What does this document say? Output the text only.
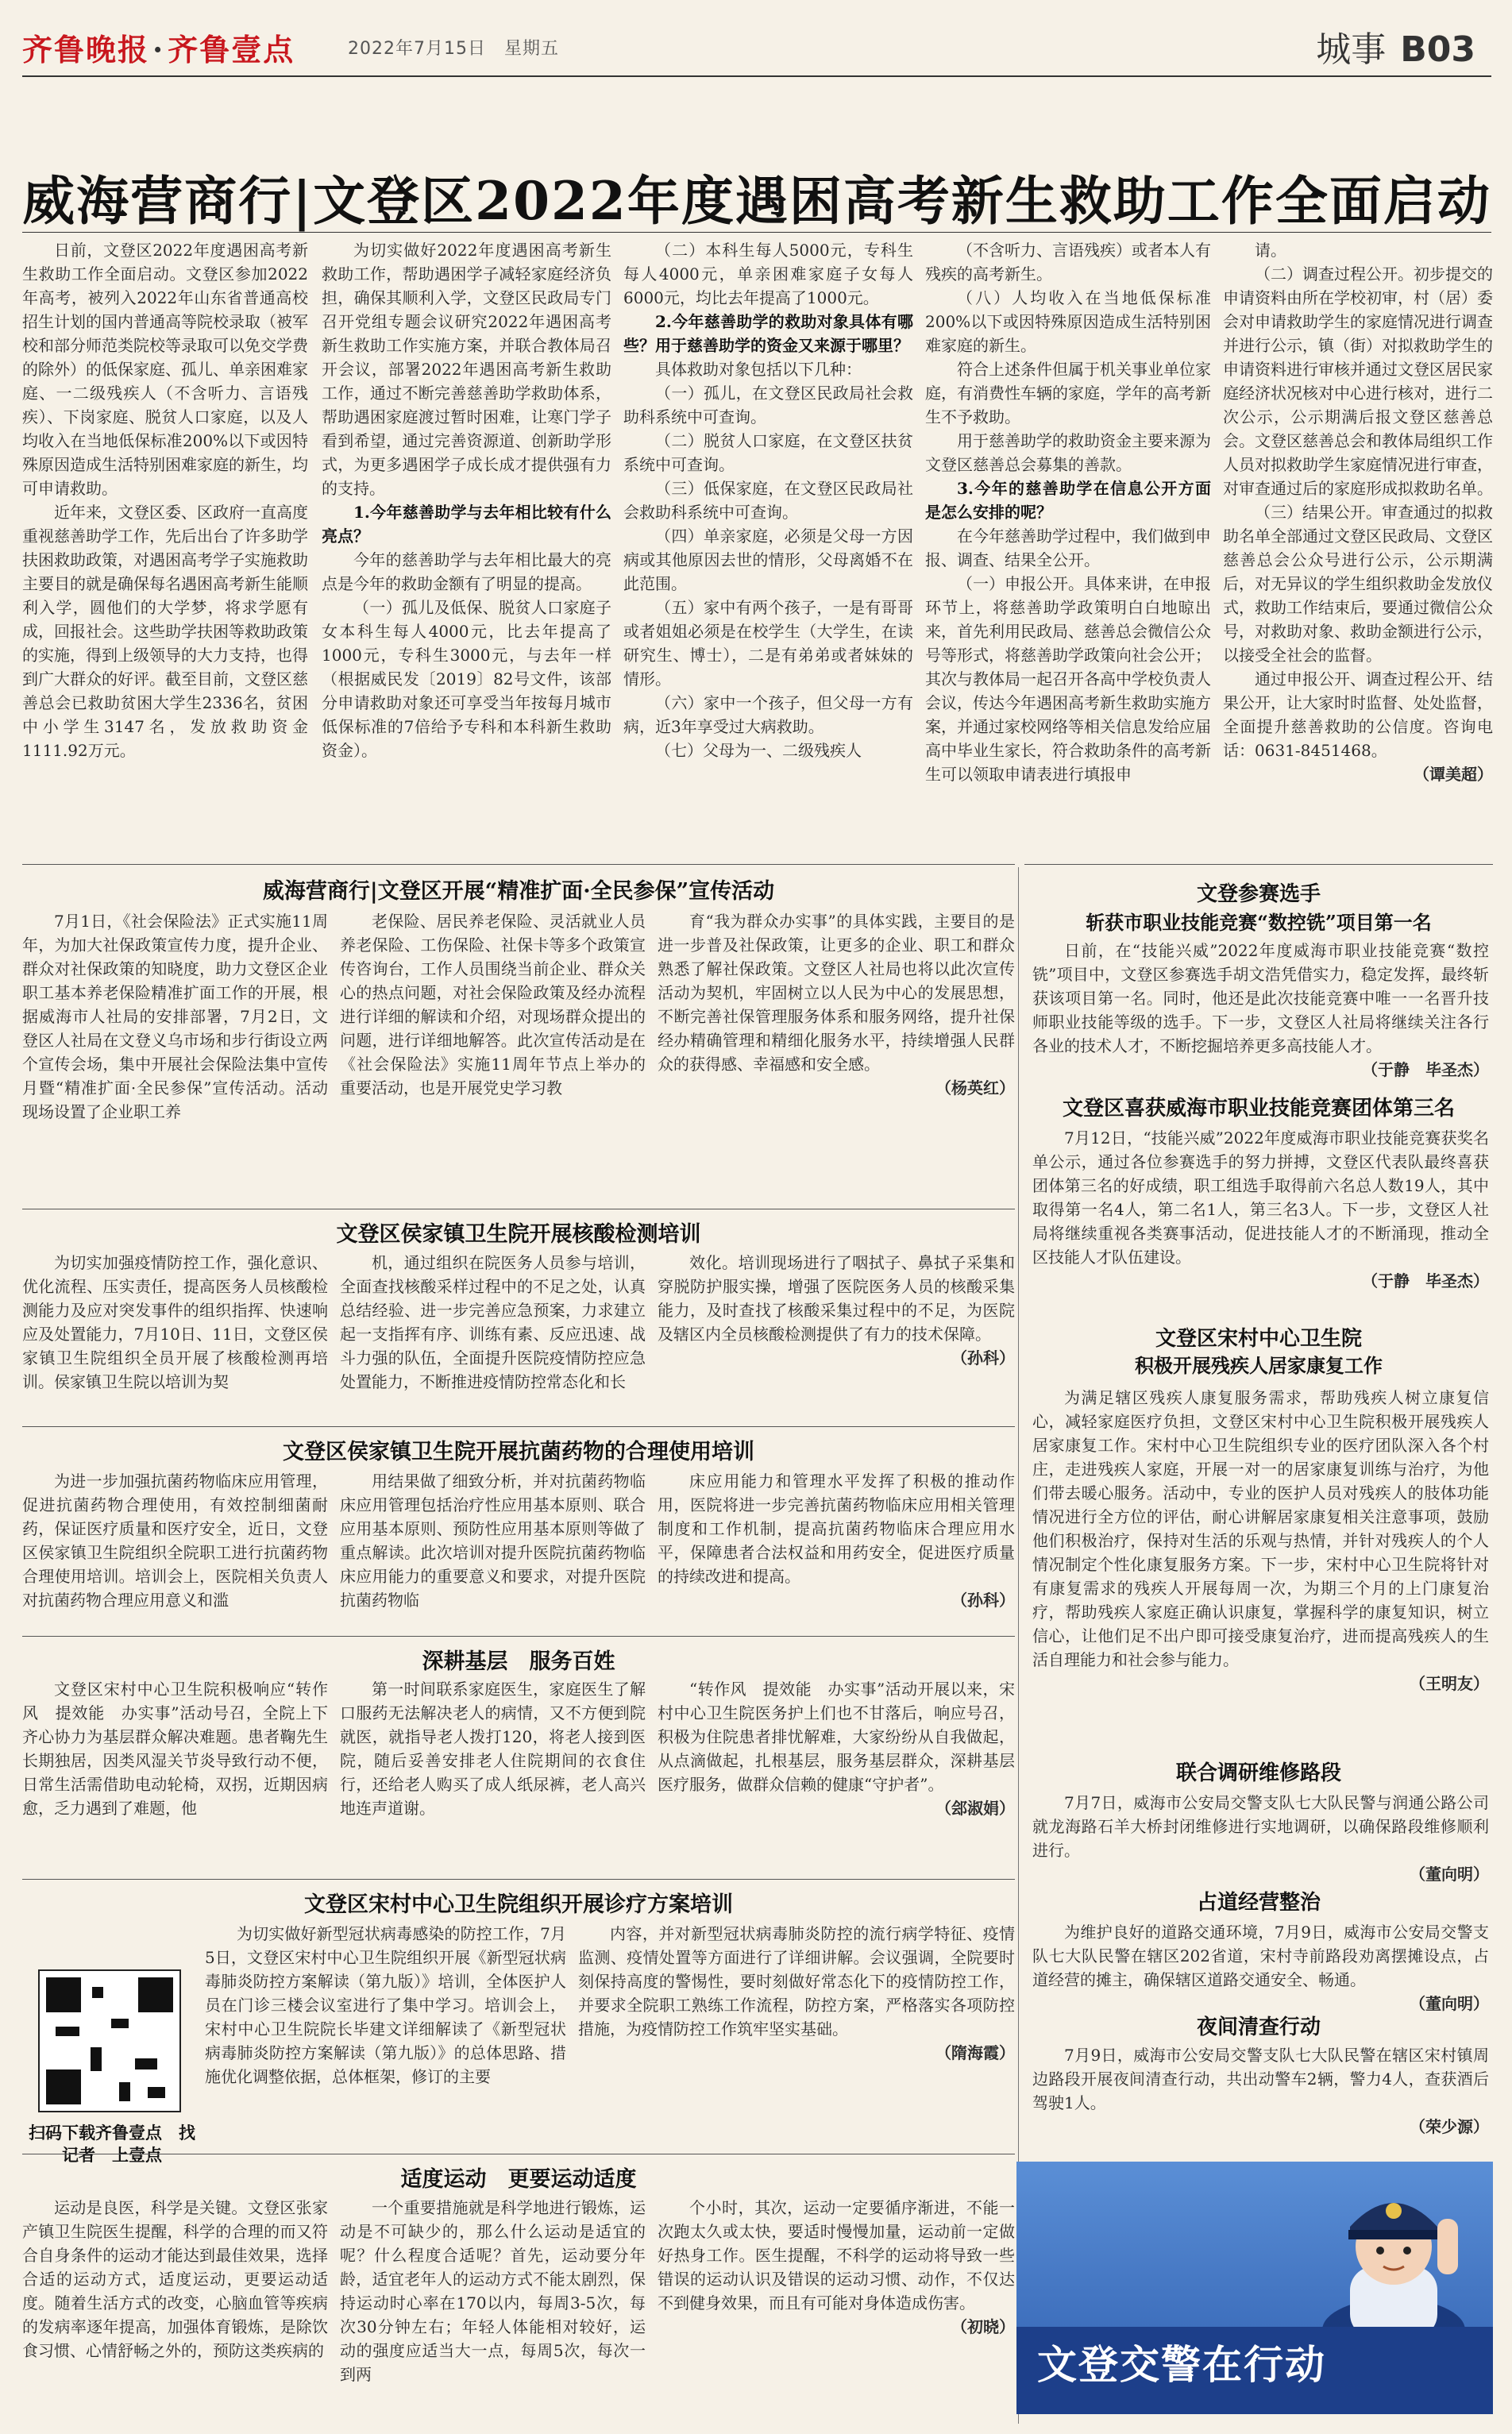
齐鲁晚报 · 齐鲁壹点	2022年7月15日　星期五	城事 B03
威海营商行|文登区2022年度遇困高考新生救助工作全面启动

日前，文登区2022年度遇困高考新生救助工作全面启动。文登区参加2022年高考，被列入2022年山东省普通高校招生计划的国内普通高等院校录取（被军校和部分师范类院校等录取可以免交学费的除外）的低保家庭、孤儿、单亲困难家庭、一二级残疾人（不含听力、言语残疾）、下岗家庭、脱贫人口家庭，以及人均收入在当地低保标准200%以下或因特殊原因造成生活特别困难家庭的新生，均可申请救助。

近年来，文登区委、区政府一直高度重视慈善助学工作，先后出台了许多助学扶困救助政策，对遇困高考学子实施救助主要目的就是确保每名遇困高考新生能顺利入学，圆他们的大学梦，将求学愿有成，回报社会。这些助学扶困等救助政策的实施，得到上级领导的大力支持，也得到广大群众的好评。截至目前，文登区慈善总会已救助贫困大学生2336名，贫困中小学生3147名，发放救助资金1111.92万元。

为切实做好2022年度遇困高考新生救助工作，帮助遇困学子减轻家庭经济负担，确保其顺利入学，文登区民政局专门召开党组专题会议研究2022年遇困高考新生救助工作实施方案，并联合教体局召开会议，部署2022年遇困高考新生救助工作，通过不断完善慈善助学救助体系，帮助遇困家庭渡过暂时困难，让寒门学子看到希望，通过完善资源道、创新助学形式，为更多遇困学子成长成才提供强有力的支持。

1.今年慈善助学与去年相比较有什么亮点？

今年的慈善助学与去年相比最大的亮点是今年的救助金额有了明显的提高。

（一）孤儿及低保、脱贫人口家庭子女本科生每人4000元，比去年提高了1000元，专科生3000元，与去年一样（根据威民发〔2019〕82号文件，该部分申请救助对象还可享受当年按每月城市低保标准的7倍给予专科和本科新生救助资金）。

（二）本科生每人5000元，专科生每人4000元，单亲困难家庭子女每人6000元，均比去年提高了1000元。

2.今年慈善助学的救助对象具体有哪些？用于慈善助学的资金又来源于哪里？

具体救助对象包括以下几种：

（一）孤儿，在文登区民政局社会救助科系统中可查询。

（二）脱贫人口家庭，在文登区扶贫系统中可查询。

（三）低保家庭，在文登区民政局社会救助科系统中可查询。

（四）单亲家庭，必须是父母一方因病或其他原因去世的情形，父母离婚不在此范围。

（五）家中有两个孩子，一是有哥哥或者姐姐必须是在校学生（大学生，在读研究生、博士），二是有弟弟或者妹妹的情形。

（六）家中一个孩子，但父母一方有病，近3年享受过大病救助。

（七）父母为一、二级残疾人

（不含听力、言语残疾）或者本人有残疾的高考新生。

（八）人均收入在当地低保标准200%以下或因特殊原因造成生活特别困难家庭的新生。

符合上述条件但属于机关事业单位家庭，有消费性车辆的家庭，学年的高考新生不予救助。

用于慈善助学的救助资金主要来源为文登区慈善总会募集的善款。

3.今年的慈善助学在信息公开方面是怎么安排的呢？

在今年慈善助学过程中，我们做到申报、调查、结果全公开。

（一）申报公开。具体来讲，在申报环节上，将慈善助学政策明白白地晾出来，首先利用民政局、慈善总会微信公众号等形式，将慈善助学政策向社会公开；其次与教体局一起召开各高中学校负责人会议，传达今年遇困高考新生救助实施方案，并通过家校网络等相关信息发给应届高中毕业生家长，符合救助条件的高考新生可以领取申请表进行填报申

请。

（二）调查过程公开。初步提交的申请资料由所在学校初审，村（居）委会对申请救助学生的家庭情况进行调查并进行公示，镇（街）对拟救助学生的申请资料进行审核并通过文登区居民家庭经济状况核对中心进行核对，进行二次公示，公示期满后报文登区慈善总会。文登区慈善总会和教体局组织工作人员对拟救助学生家庭情况进行审查，对审查通过后的家庭形成拟救助名单。

（三）结果公开。审查通过的拟救助名单全部通过文登区民政局、文登区慈善总会公众号进行公示，公示期满后，对无异议的学生组织救助金发放仪式，救助工作结束后，要通过微信公众号，对救助对象、救助金额进行公示，以接受全社会的监督。

通过申报公开、调查过程公开、结果公开，让大家时时监督、处处监督，全面提升慈善救助的公信度。咨询电话：0631-8451468。

（谭美超）
威海营商行|文登区开展“精准扩面·全民参保”宣传活动

7月1日，《社会保险法》正式实施11周年，为加大社保政策宣传力度，提升企业、群众对社保政策的知晓度，助力文登区企业职工基本养老保险精准扩面工作的开展，根据威海市人社局的安排部署，7月2日，文登区人社局在文登义乌市场和步行街设立两个宣传会场，集中开展社会保险法集中宣传月暨“精准扩面·全民参保”宣传活动。活动现场设置了企业职工养

老保险、居民养老保险、灵活就业人员养老保险、工伤保险、社保卡等多个政策宣传咨询台，工作人员围绕当前企业、群众关心的热点问题，对社会保险政策及经办流程进行详细的解读和介绍，对现场群众提出的问题，进行详细地解答。此次宣传活动是在《社会保险法》实施11周年节点上举办的重要活动，也是开展党史学习教

育“我为群众办实事”的具体实践，主要目的是进一步普及社保政策，让更多的企业、职工和群众熟悉了解社保政策。文登区人社局也将以此次宣传活动为契机，牢固树立以人民为中心的发展思想，不断完善社保管理服务体系和服务网络，提升社保经办精确管理和精细化服务水平，持续增强人民群众的获得感、幸福感和安全感。

（杨英红）
文登区侯家镇卫生院开展核酸检测培训

为切实加强疫情防控工作，强化意识、优化流程、压实责任，提高医务人员核酸检测能力及应对突发事件的组织指挥、快速响应及处置能力，7月10日、11日，文登区侯家镇卫生院组织全员开展了核酸检测再培训。侯家镇卫生院以培训为契

机，通过组织在院医务人员参与培训，全面查找核酸采样过程中的不足之处，认真总结经验、进一步完善应急预案，力求建立起一支指挥有序、训练有素、反应迅速、战斗力强的队伍，全面提升医院疫情防控应急处置能力，不断推进疫情防控常态化和长

效化。培训现场进行了咽拭子、鼻拭子采集和穿脱防护服实操，增强了医院医务人员的核酸采集能力，及时查找了核酸采集过程中的不足，为医院及辖区内全员核酸检测提供了有力的技术保障。

（孙科）
文登区侯家镇卫生院开展抗菌药物的合理使用培训

为进一步加强抗菌药物临床应用管理，促进抗菌药物合理使用，有效控制细菌耐药，保证医疗质量和医疗安全，近日，文登区侯家镇卫生院组织全院职工进行抗菌药物合理使用培训。培训会上，医院相关负责人对抗菌药物合理应用意义和滥

用结果做了细致分析，并对抗菌药物临床应用管理包括治疗性应用基本原则、联合应用基本原则、预防性应用基本原则等做了重点解读。此次培训对提升医院抗菌药物临床应用能力的重要意义和要求，对提升医院抗菌药物临

床应用能力和管理水平发挥了积极的推动作用，医院将进一步完善抗菌药物临床应用相关管理制度和工作机制，提高抗菌药物临床合理应用水平，保障患者合法权益和用药安全，促进医疗质量的持续改进和提高。

（孙科）
深耕基层　服务百姓

文登区宋村中心卫生院积极响应“转作风　提效能　办实事”活动号召，全院上下齐心协力为基层群众解决难题。患者鞠先生长期独居，因类风湿关节炎导致行动不便，日常生活需借助电动轮椅，双拐，近期因病愈，乏力遇到了难题，他

第一时间联系家庭医生，家庭医生了解口服药无法解决老人的病情，又不方便到院就医，就指导老人拨打120，将老人接到医院，随后妥善安排老人住院期间的衣食住行，还给老人购买了成人纸尿裤，老人高兴地连声道谢。

“转作风　提效能　办实事”活动开展以来，宋村中心卫生院医务护上们也不甘落后，响应号召，积极为住院患者排忧解难，大家纷纷从自我做起，从点滴做起，扎根基层，服务基层群众，深耕基层医疗服务，做群众信赖的健康“守护者”。

（郐淑娟）
文登区宋村中心卫生院组织开展诊疗方案培训
扫码下载齐鲁壹点　找记者　上壹点

为切实做好新型冠状病毒感染的防控工作，7月5日，文登区宋村中心卫生院组织开展《新型冠状病毒肺炎防控方案解读（第九版）》培训，全体医护人员在门诊三楼会议室进行了集中学习。培训会上，宋村中心卫生院院长毕建文详细解读了《新型冠状病毒肺炎防控方案解读（第九版）》的总体思路、措施优化调整依据，总体框架，修订的主要

内容，并对新型冠状病毒肺炎防控的流行病学特征、疫情监测、疫情处置等方面进行了详细讲解。会议强调，全院要时刻保持高度的警惕性，要时刻做好常态化下的疫情防控工作，并要求全院职工熟练工作流程，防控方案，严格落实各项防控措施，为疫情防控工作筑牢坚实基础。

（隋海霞）
适度运动　更要运动适度

运动是良医，科学是关键。文登区张家产镇卫生院医生提醒，科学的合理的而又符合自身条件的运动才能达到最佳效果，选择合适的运动方式，适度运动，更要运动适度。随着生活方式的改变，心脑血管等疾病的发病率逐年提高，加强体育锻炼，是除饮食习惯、心情舒畅之外的，预防这类疾病的

一个重要措施就是科学地进行锻炼，运动是不可缺少的，那么什么运动是适宜的呢？什么程度合适呢？首先，运动要分年龄，适宜老年人的运动方式不能太剧烈，保持运动时心率在170以内，每周3-5次，每次30分钟左右；年轻人体能相对较好，运动的强度应适当大一点，每周5次，每次一到两

个小时，其次，运动一定要循序渐进，不能一次跑太久或太快，要适时慢慢加量，运动前一定做好热身工作。医生提醒，不科学的运动将导致一些错误的运动认识及错误的运动习惯、动作，不仅达不到健身效果，而且有可能对身体造成伤害。

（初晓）
文登参赛选手
斩获市职业技能竞赛“数控铣”项目第一名

日前，在“技能兴威”2022年度威海市职业技能竞赛“数控铣”项目中，文登区参赛选手胡文浩凭借实力，稳定发挥，最终斩获该项目第一名。同时，他还是此次技能竞赛中唯一一名晋升技师职业技能等级的选手。下一步，文登区人社局将继续关注各行各业的技术人才，不断挖掘培养更多高技能人才。

（于静　毕圣杰）
文登区喜获威海市职业技能竞赛团体第三名

7月12日，“技能兴威”2022年度威海市职业技能竞赛获奖名单公示，通过各位参赛选手的努力拼搏，文登区代表队最终喜获团体第三名的好成绩，职工组选手取得前六名总人数19人，其中取得第一名4人，第二名1人，第三名3人。下一步，文登区人社局将继续重视各类赛事活动，促进技能人才的不断涌现，推动全区技能人才队伍建设。

（于静　毕圣杰）
文登区宋村中心卫生院
积极开展残疾人居家康复工作

为满足辖区残疾人康复服务需求，帮助残疾人树立康复信心，减轻家庭医疗负担，文登区宋村中心卫生院积极开展残疾人居家康复工作。宋村中心卫生院组织专业的医疗团队深入各个村庄，走进残疾人家庭，开展一对一的居家康复训练与治疗，为他们带去暖心服务。活动中，专业的医护人员对残疾人的肢体功能情况进行全方位的评估，耐心讲解居家康复相关注意事项，鼓励他们积极治疗，保持对生活的乐观与热情，并针对残疾人的个人情况制定个性化康复服务方案。下一步，宋村中心卫生院将针对有康复需求的残疾人开展每周一次，为期三个月的上门康复治疗，帮助残疾人家庭正确认识康复，掌握科学的康复知识，树立信心，让他们足不出户即可接受康复治疗，进而提高残疾人的生活自理能力和社会参与能力。

（王明友）
联合调研维修路段

7月7日，威海市公安局交警支队七大队民警与润通公路公司就龙海路石羊大桥封闭维修进行实地调研，以确保路段维修顺利进行。

（董向明）
占道经营整治

为维护良好的道路交通环境，7月9日，威海市公安局交警支队七大队民警在辖区202省道，宋村寺前路段劝离摆摊设点，占道经营的摊主，确保辖区道路交通安全、畅通。

（董向明）
夜间清查行动

7月9日，威海市公安局交警支队七大队民警在辖区宋村镇周边路段开展夜间清查行动，共出动警车2辆，警力4人，查获酒后驾驶1人。

（荣少源）
文登交警在行动
